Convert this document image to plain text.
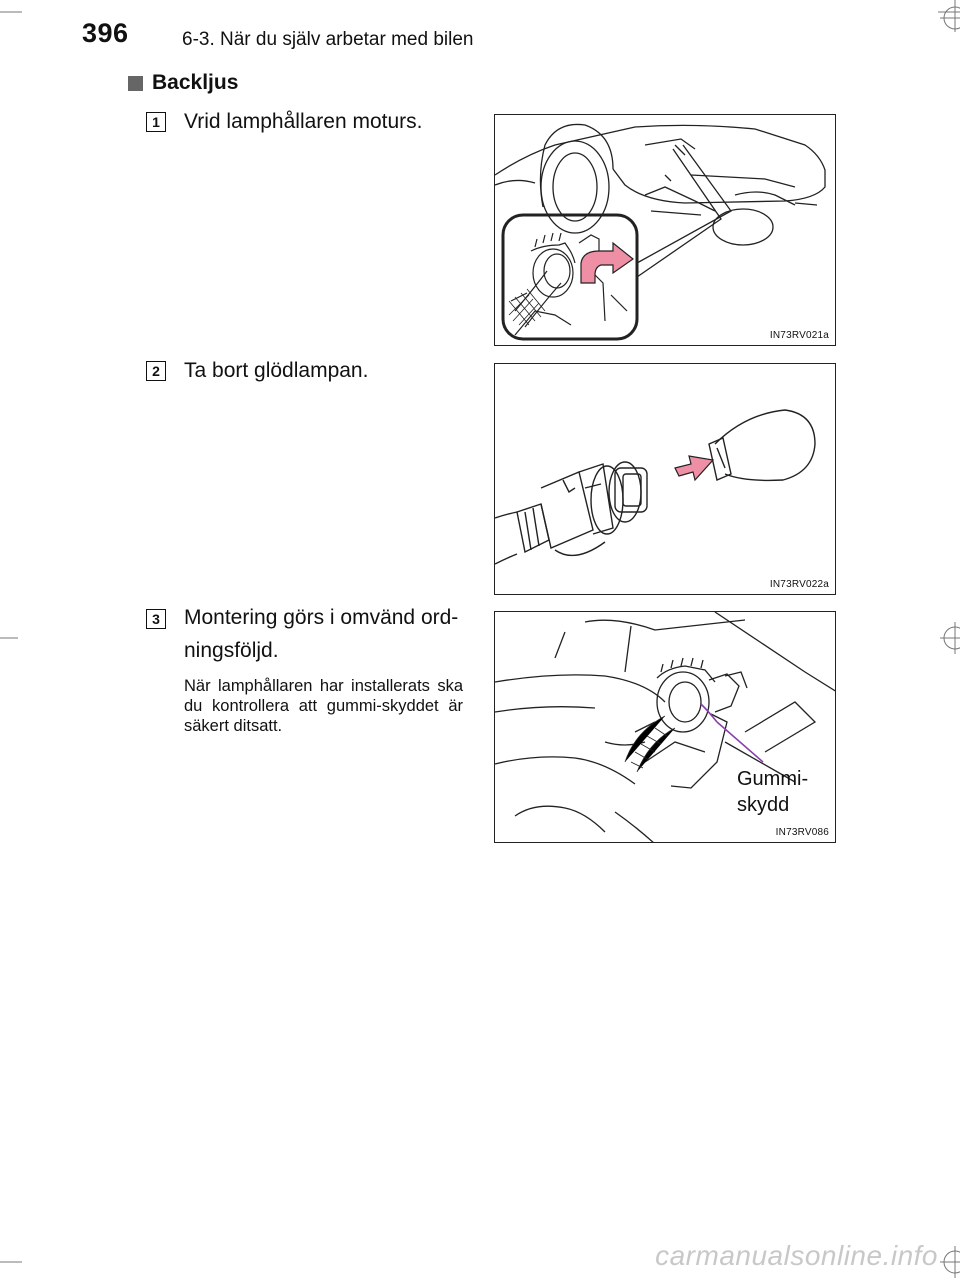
396	6-3. När du själv arbetar med bilen
Backljus
1 Vrid lamphållaren moturs.
IN73RV021a
2 Ta bort glödlampan.
IN73RV022a
3 Montering görs i omvänd ord-
ningsföljd.
När lamphållaren har installerats ska du kontrollera att gummi-skyddet är säkert ditsatt.
Gummi-
skydd
IN73RV086
carmanualsonline.info
